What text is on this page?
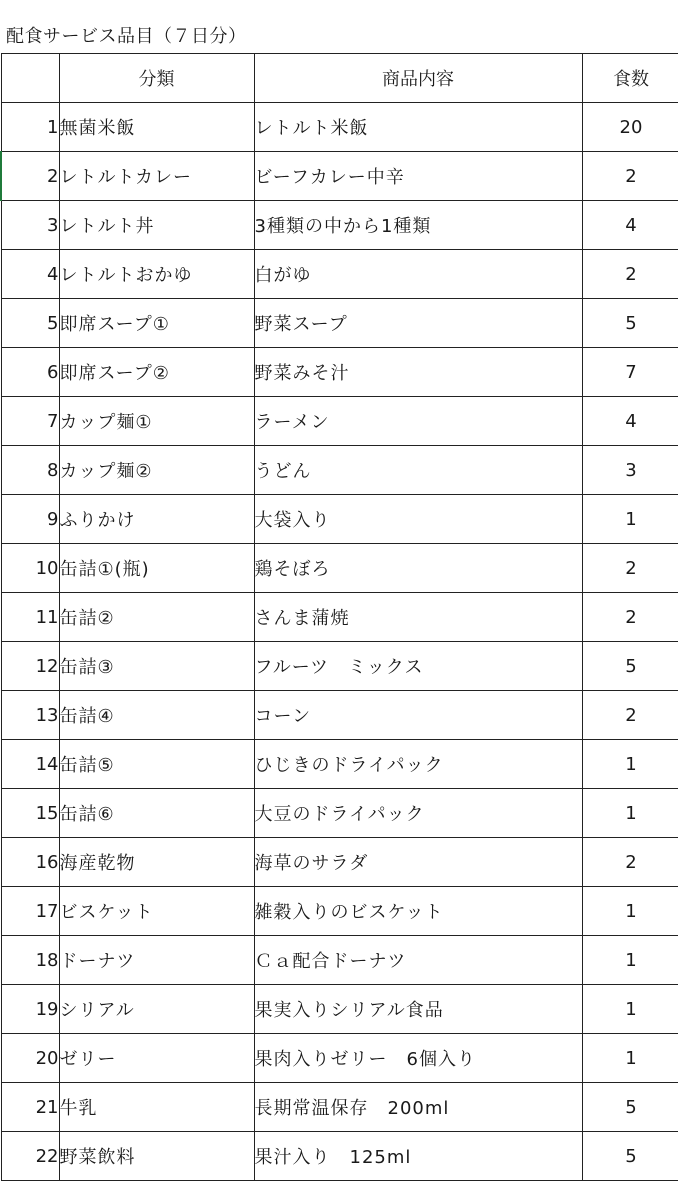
配食サービス品目（７日分）
	分類	商品内容	食数
1	無菌米飯	レトルト米飯	20
2	レトルトカレー	ビーフカレー中辛	2
3	レトルト丼	3種類の中から1種類	4
4	レトルトおかゆ	白がゆ	2
5	即席スープ①	野菜スープ	5
6	即席スープ②	野菜みそ汁	7
7	カップ麺①	ラーメン	4
8	カップ麺②	うどん	3
9	ふりかけ	大袋入り	1
10	缶詰①(瓶)	鶏そぼろ	2
11	缶詰②	さんま蒲焼	2
12	缶詰③	フルーツ　ミックス	5
13	缶詰④	コーン	2
14	缶詰⑤	ひじきのドライパック	1
15	缶詰⑥	大豆のドライパック	1
16	海産乾物	海草のサラダ	2
17	ビスケット	雑穀入りのビスケット	1
18	ドーナツ	Ｃａ配合ドーナツ	1
19	シリアル	果実入りシリアル食品	1
20	ゼリー	果肉入りゼリー　6個入り	1
21	牛乳	長期常温保存　200ml	5
22	野菜飲料	果汁入り　125ml	5
